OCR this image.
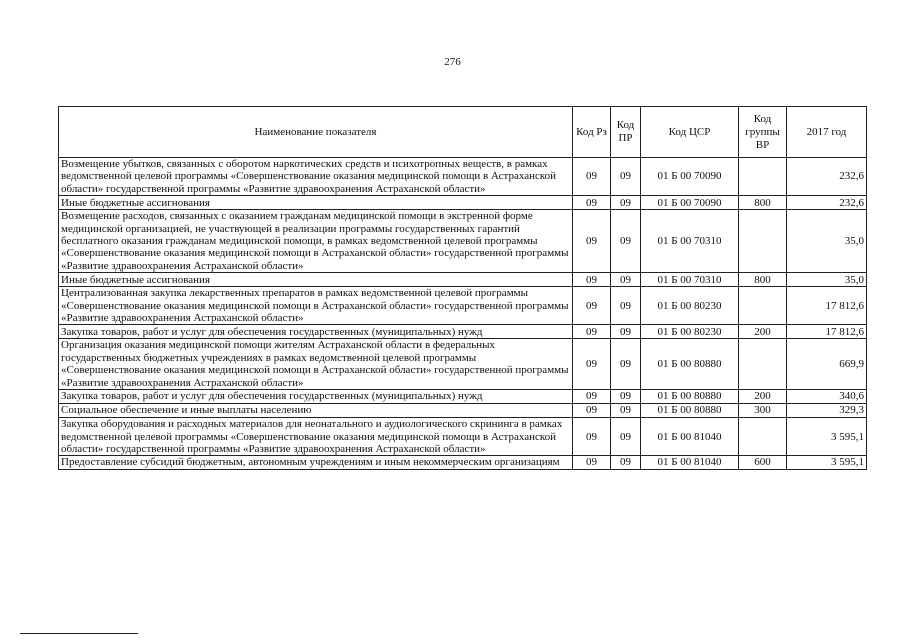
276
Наименование показателя	Код Рз	Код ПР	Код ЦСР	Код группы ВР	2017 год
Возмещение убытков, связанных с оборотом наркотических средств и психотропных веществ, в рамках ведомственной целевой программы «Совершенствование оказания медицинской помощи в Астраханской области» государственной программы «Развитие здравоохранения Астраханской области»	09	09	01 Б 00 70090		232,6
Иные бюджетные ассигнования	09	09	01 Б 00 70090	800	232,6
Возмещение расходов, связанных с оказанием гражданам медицинской помощи в экстренной форме медицинской организацией, не участвующей в реализации программы государственных гарантий бесплатного оказания гражданам медицинской помощи, в рамках ведомственной целевой программы «Совершенствование оказания медицинской помощи в Астраханской области» государственной программы «Развитие здравоохранения Астраханской области»	09	09	01 Б 00 70310		35,0
Иные бюджетные ассигнования	09	09	01 Б 00 70310	800	35,0
Централизованная закупка лекарственных препаратов в рамках ведомственной целевой программы «Совершенствование оказания медицинской помощи в Астраханской области» государственной программы «Развитие здравоохранения Астраханской области»	09	09	01 Б 00 80230		17 812,6
Закупка товаров, работ и услуг для обеспечения государственных (муниципальных) нужд	09	09	01 Б 00 80230	200	17 812,6
Организация оказания медицинской помощи жителям Астраханской области в федеральных государственных бюджетных учреждениях в рамках ведомственной целевой программы «Совершенствование оказания медицинской помощи в Астраханской области» государственной программы «Развитие здравоохранения Астраханской области»	09	09	01 Б 00 80880		669,9
Закупка товаров, работ и услуг для обеспечения государственных (муниципальных) нужд	09	09	01 Б 00 80880	200	340,6
Социальное обеспечение и иные выплаты населению	09	09	01 Б 00 80880	300	329,3
Закупка оборудования и расходных материалов для неонатального и аудиологического скрининга в рамках ведомственной целевой программы «Совершенствование оказания медицинской помощи в Астраханской области» государственной программы «Развитие здравоохранения Астраханской области»	09	09	01 Б 00 81040		3 595,1
Предоставление субсидий бюджетным, автономным учреждениям и иным некоммерческим организациям	09	09	01 Б 00 81040	600	3 595,1
